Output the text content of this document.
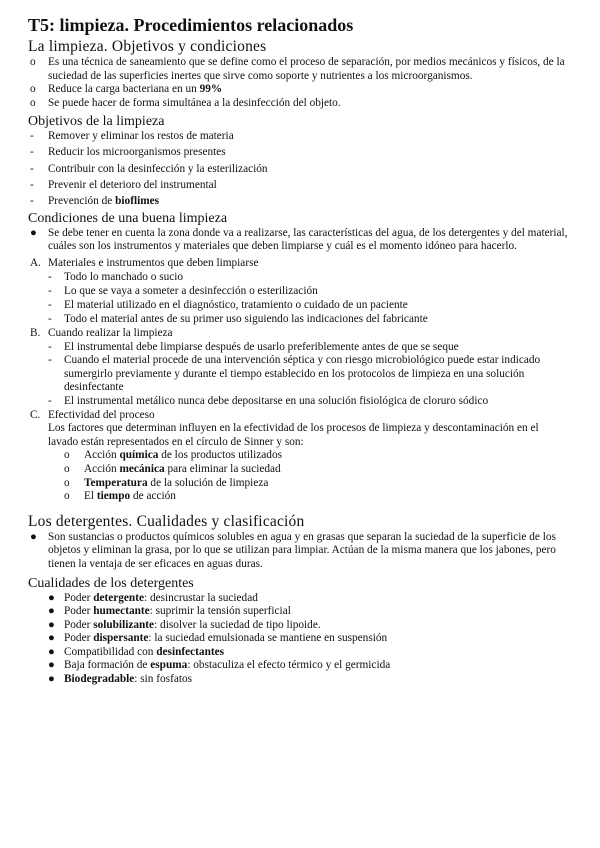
T5: limpieza. Procedimientos relacionados
La limpieza. Objetivos y condiciones
o Es una técnica de saneamiento que se define como el proceso de separación, por medios mecánicos y físicos, de la suciedad de las superficies inertes que sirve como soporte y nutrientes a los microorganismos.
o Reduce la carga bacteriana en un 99%
o Se puede hacer de forma simultánea a la desinfección del objeto.
Objetivos de la limpieza
- Remover y eliminar los restos de materia
- Reducir los microorganismos presentes
- Contribuir con la desinfección y la esterilización
- Prevenir el deterioro del instrumental
- Prevención de bioflimes
Condiciones de una buena limpieza
● Se debe tener en cuenta la zona donde va a realizarse, las características del agua, de los detergentes y del material, cuáles son los instrumentos y materiales que deben limpiarse y cuál es el momento idóneo para hacerlo.
A. Materiales e instrumentos que deben limpiarse
- Todo lo manchado o sucio
- Lo que se vaya a someter a desinfección o esterilización
- El material utilizado en el diagnóstico, tratamiento o cuidado de un paciente
- Todo el material antes de su primer uso siguiendo las indicaciones del fabricante
B. Cuando realizar la limpieza
- El instrumental debe limpiarse después de usarlo preferiblemente antes de que se seque
- Cuando el material procede de una intervención séptica y con riesgo microbiológico puede estar indicado sumergirlo previamente y durante el tiempo establecido en los protocolos de limpieza en una solución desinfectante
- El instrumental metálico nunca debe depositarse en una solución fisiológica de cloruro sódico
C. Efectividad del proceso
Los factores que determinan influyen en la efectividad de los procesos de limpieza y descontaminación en el lavado están representados en el círculo de Sinner y son:
o Acción química de los productos utilizados
o Acción mecánica para eliminar la suciedad
o Temperatura de la solución de limpieza
o El tiempo de acción
Los detergentes. Cualidades y clasificación
● Son sustancias o productos químicos solubles en agua y en grasas que separan la suciedad de la superficie de los objetos y eliminan la grasa, por lo que se utilizan para limpiar. Actúan de la misma manera que los jabones, pero tienen la ventaja de ser eficaces en aguas duras.
Cualidades de los detergentes
● Poder detergente: desincrustar la suciedad
● Poder humectante: suprimir la tensión superficial
● Poder solubilizante: disolver la suciedad de tipo lipoide.
● Poder dispersante: la suciedad emulsionada se mantiene en suspensión
● Compatibilidad con desinfectantes
● Baja formación de espuma: obstaculiza el efecto térmico y el germicida
● Biodegradable: sin fosfatos
